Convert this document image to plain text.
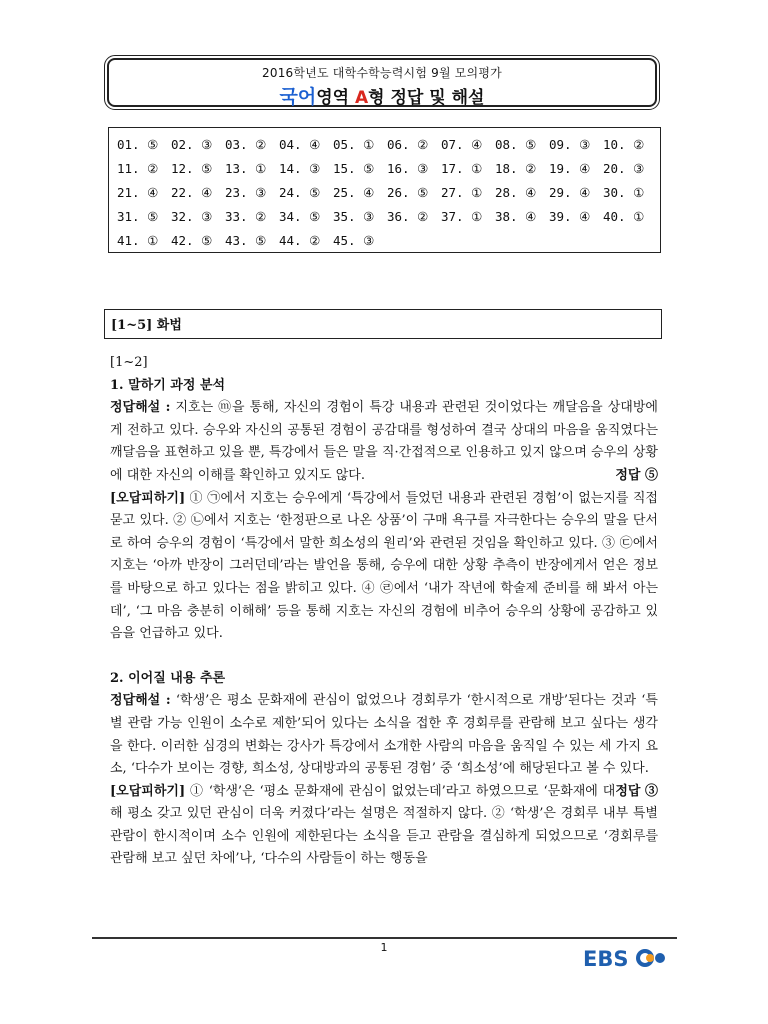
2016학년도 대학수학능력시험 9월 모의평가
국어영역 A형 정답 및 해설
01. ⑤	02. ③	03. ②	04. ④	05. ①	06. ②	07. ④	08. ⑤	09. ③	10. ②
11. ②	12. ⑤	13. ①	14. ③	15. ⑤	16. ③	17. ①	18. ②	19. ④	20. ③
21. ④	22. ④	23. ③	24. ⑤	25. ④	26. ⑤	27. ①	28. ④	29. ④	30. ①
31. ⑤	32. ③	33. ②	34. ⑤	35. ③	36. ②	37. ①	38. ④	39. ④	40. ①
41. ①	42. ⑤	43. ⑤	44. ②	45. ③
[1~5] 화법

[1~2]

1. 말하기 과정 분석

정답해설 : 지호는 ⓜ을 통해, 자신의 경험이 특강 내용과 관련된 것이었다는 깨달음을 상대방에게 전하고 있다. 승우와 자신의 공통된 경험이 공감대를 형성하여 결국 상대의 마음을 움직였다는 깨달음을 표현하고 있을 뿐, 특강에서 들은 말을 직·간접적으로 인용하고 있지 않으며 승우의 상황에 대한 자신의 이해를 확인하고 있지도 않다.	정답 ⑤

[오답피하기] ① ㉠에서 지호는 승우에게 ‘특강에서 들었던 내용과 관련된 경험’이 없는지를 직접 묻고 있다. ② ㉡에서 지호는 ‘한정판으로 나온 상품’이 구매 욕구를 자극한다는 승우의 말을 단서로 하여 승우의 경험이 ‘특강에서 말한 희소성의 원리’와 관련된 것임을 확인하고 있다. ③ ㉢에서 지호는 ‘아까 반장이 그러던데’라는 발언을 통해, 승우에 대한 상황 추측이 반장에게서 얻은 정보를 바탕으로 하고 있다는 점을 밝히고 있다. ④ ㉣에서 ‘내가 작년에 학술제 준비를 해 봐서 아는데’, ‘그 마음 충분히 이해해’ 등을 통해 지호는 자신의 경험에 비추어 승우의 상황에 공감하고 있음을 언급하고 있다.

2. 이어질 내용 추론

정답해설 : ‘학생’은 평소 문화재에 관심이 없었으나 경회루가 ‘한시적으로 개방’된다는 것과 ‘특별 관람 가능 인원이 소수로 제한’되어 있다는 소식을 접한 후 경회루를 관람해 보고 싶다는 생각을 한다. 이러한 심경의 변화는 강사가 특강에서 소개한 사람의 마음을 움직일 수 있는 세 가지 요소, ‘다수가 보이는 경향, 희소성, 상대방과의 공통된 경험’ 중 ‘희소성’에 해당된다고 볼 수 있다.
정답 ③

[오답피하기] ① ‘학생’은 ‘평소 문화재에 관심이 없었는데’라고 하였으므로 ‘문화재에 대해 평소 갖고 있던 관심이 더욱 커졌다’라는 설명은 적절하지 않다. ② ‘학생’은 경회루 내부 특별 관람이 한시적이며 소수 인원에 제한된다는 소식을 듣고 관람을 결심하게 되었으므로 ‘경회루를 관람해 보고 싶던 차에’나, ‘다수의 사람들이 하는 행동을

1	EBS
